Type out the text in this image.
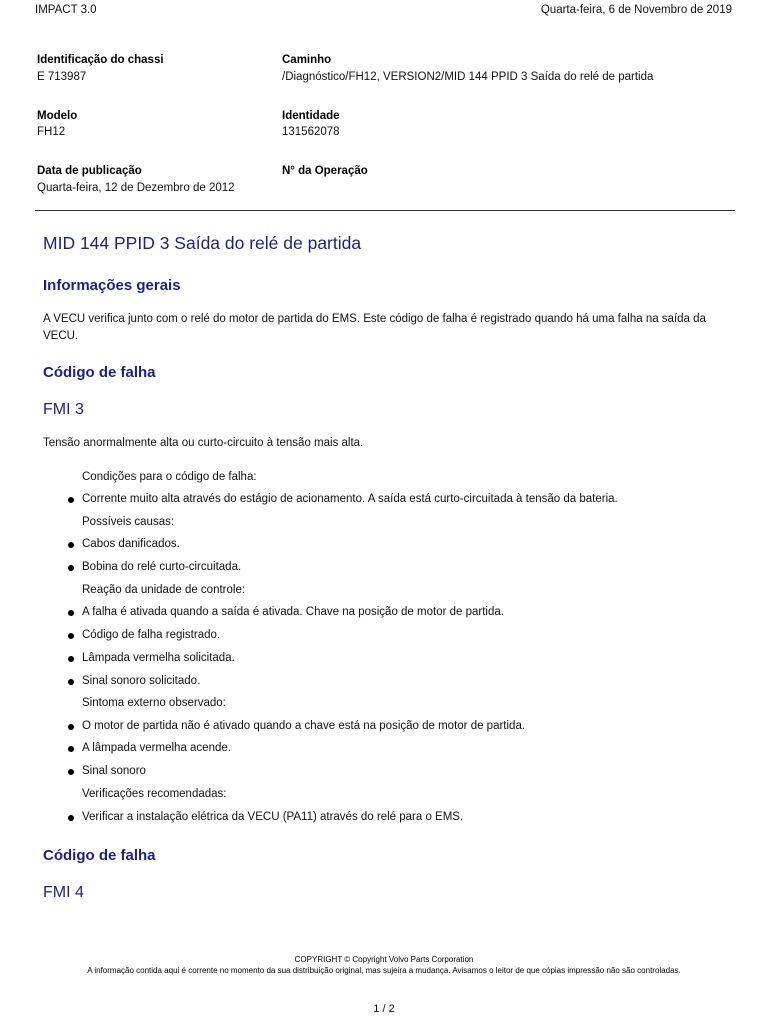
IMPACT 3.0	Quarta-feira, 6 de Novembro de 2019
Identificação do chassi
E 713987
Caminho
/Diagnóstico/FH12, VERSION2/MID 144 PPID 3 Saída do relé de partida
Modelo
FH12
Identidade
131562078
Data de publicação
Quarta-feira, 12 de Dezembro de 2012
N° da Operação
MID 144 PPID 3 Saída do relé de partida
Informações gerais
A VECU verifica junto com o relé do motor de partida do EMS. Este código de falha é registrado quando há uma falha na saída da VECU.
Código de falha
FMI 3
Tensão anormalmente alta ou curto-circuito à tensão mais alta.
Condições para o código de falha:
Corrente muito alta através do estágio de acionamento. A saída está curto-circuitada à tensão da bateria.
Possíveis causas:
Cabos danificados.
Bobina do relé curto-circuitada.
Reação da unidade de controle:
A falha é ativada quando a saída é ativada. Chave na posição de motor de partida.
Código de falha registrado.
Lâmpada vermelha solicitada.
Sinal sonoro solicitado.
Sintoma externo observado:
O motor de partida não é ativado quando a chave está na posição de motor de partida.
A lâmpada vermelha acende.
Sinal sonoro
Verificações recomendadas:
Verificar a instalação elétrica da VECU (PA11) através do relé para o EMS.
Código de falha
FMI 4
COPYRIGHT © Copyright Volvo Parts Corporation
A informação contida aqui é corrente no momento da sua distribuição original, mas sujeira a mudança. Avisamos o leitor de que cópias impressão não são controladas.
1 / 2
